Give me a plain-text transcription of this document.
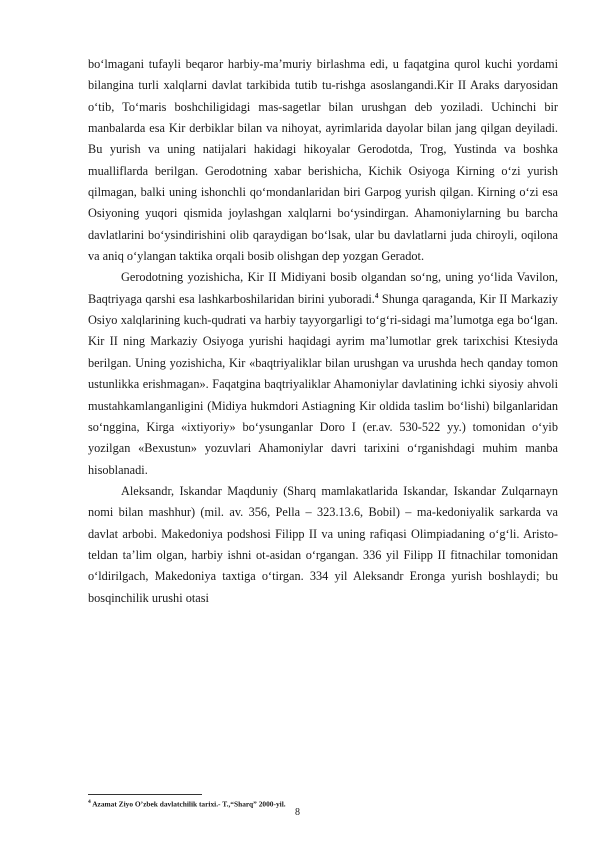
bo‘lmagani tufayli beqaror harbiy-ma’muriy birlashma edi, u faqatgina qurol kuchi yordami bilangina turli xalqlarni davlat tarkibida tutib tu-rishga asoslangandi.Kir II Araks daryosidan o‘tib, To‘maris boshchiligidagi mas-sagetlar bilan urushgan deb yoziladi. Uchinchi bir manbalarda esa Kir derbiklar bilan va nihoyat, ayrimlarida dayolar bilan jang qilgan deyiladi. Bu yurish va uning natijalari hakidagi hikoyalar Gerodotda, Trog, Yustinda va boshka mualliflarda berilgan. Gerodotning xabar berishicha, Kichik Osiyoga Kirning o‘zi yurish qilmagan, balki uning ishonchli qo‘mondanlaridan biri Garpog yurish qilgan. Kirning o‘zi esa Osiyoning yuqori qismida joylashgan xalqlarni bo‘ysindirgan. Ahamoniylarning bu barcha davlatlarini bo‘ysindirishini olib qaraydigan bo‘lsak, ular bu davlatlarni juda chiroyli, oqilona va aniq o‘ylangan taktika orqali bosib olishgan dep yozgan Geradot.

Gerodotning yozishicha, Kir II Midiyani bosib olgandan so‘ng, uning yo‘lida Vavilon, Baqtriyaga qarshi esa lashkarboshilaridan birini yuboradi.$^4$ Shunga qaraganda, Kir II Markaziy Osiyo xalqlarining kuch-qudrati va harbiy tayyorgarligi to‘g‘ri-sidagi ma’lumotga ega bo‘lgan. Kir II ning Markaziy Osiyoga yurishi haqidagi ayrim ma’lumotlar grek tarixchisi Ktesiyda berilgan. Uning yozishicha, Kir «baqtriyaliklar bilan urushgan va urushda hech qanday tomon ustunlikka erishmagan». Faqatgina baqtriyaliklar Ahamoniylar davlatining ichki siyosiy ahvoli mustahkamlanganligini (Midiya hukmdori Astiagning Kir oldida taslim bo‘lishi) bilganlaridan so‘nggina, Kirga «ixtiyoriy» bo‘ysunganlar Doro I (er.av. 530-522 yy.) tomonidan o‘yib yozilgan «Bexustun» yozuvlari Ahamoniylar davri tarixini o‘rganishdagi muhim manba hisoblanadi.

Aleksandr, Iskandar Maqduniy (Sharq mamlakatlarida Iskandar, Iskandar Zulqarnayn nomi bilan mashhur) (mil. av. 356, Pella – 323.13.6, Bobil) – ma-kedoniyalik sarkarda va davlat arbobi. Makedoniya podshosi Filipp II va uning rafiqasi Olimpiadaning o‘g‘li. Aristo-teldan ta’lim olgan, harbiy ishni ot-asidan o‘rgangan. 336 yil Filipp II fitnachilar tomonidan o‘ldirilgach, Makedoniya taxtiga o‘tirgan. 334 yil Aleksandr Eronga yurish boshlaydi; bu bosqinchilik urushi otasi

$^4$ Azamat Ziyo O’zbek davlatchilik tarixi.- T.,“Sharq” 2000-yil.
8
